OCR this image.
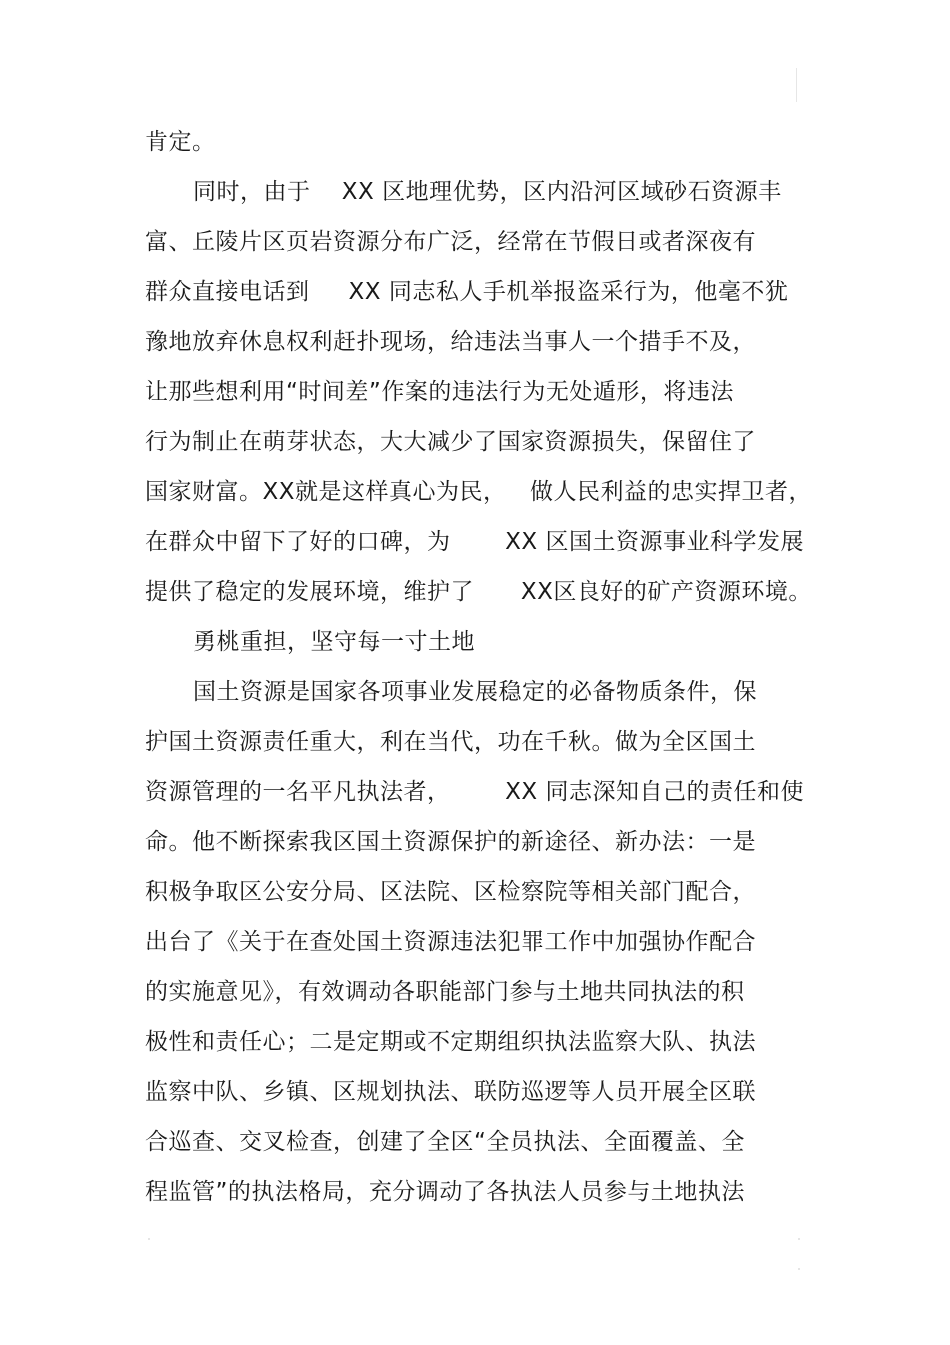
肯定。
同时，由于    XX 区地理优势，区内沿河区域砂石资源丰
富、丘陵片区页岩资源分布广泛，经常在节假日或者深夜有
群众直接电话到     XX 同志私人手机举报盗采行为，他毫不犹
豫地放弃休息权利赶扑现场，给违法当事人一个措手不及，
让那些想利用“时间差”作案的违法行为无处遁形，将违法
行为制止在萌芽状态，大大减少了国家资源损失，保留住了
国家财富。XX就是这样真心为民，   做人民利益的忠实捍卫者，
在群众中留下了好的口碑，为       XX 区国土资源事业科学发展
提供了稳定的发展环境，维护了      XX区良好的矿产资源环境。
勇桃重担，坚守每一寸土地
国土资源是国家各项事业发展稳定的必备物质条件，保
护国土资源责任重大，利在当代，功在千秋。做为全区国土
资源管理的一名平凡执法者，       XX 同志深知自己的责任和使
命。他不断探索我区国土资源保护的新途径、新办法：一是
积极争取区公安分局、区法院、区检察院等相关部门配合，
出台了《关于在查处国土资源违法犯罪工作中加强协作配合
的实施意见》，有效调动各职能部门参与土地共同执法的积
极性和责任心；二是定期或不定期组织执法监察大队、执法
监察中队、乡镇、区规划执法、联防巡逻等人员开展全区联
合巡查、交叉检查，创建了全区“全员执法、全面覆盖、全
程监管”的执法格局，充分调动了各执法人员参与土地执法
